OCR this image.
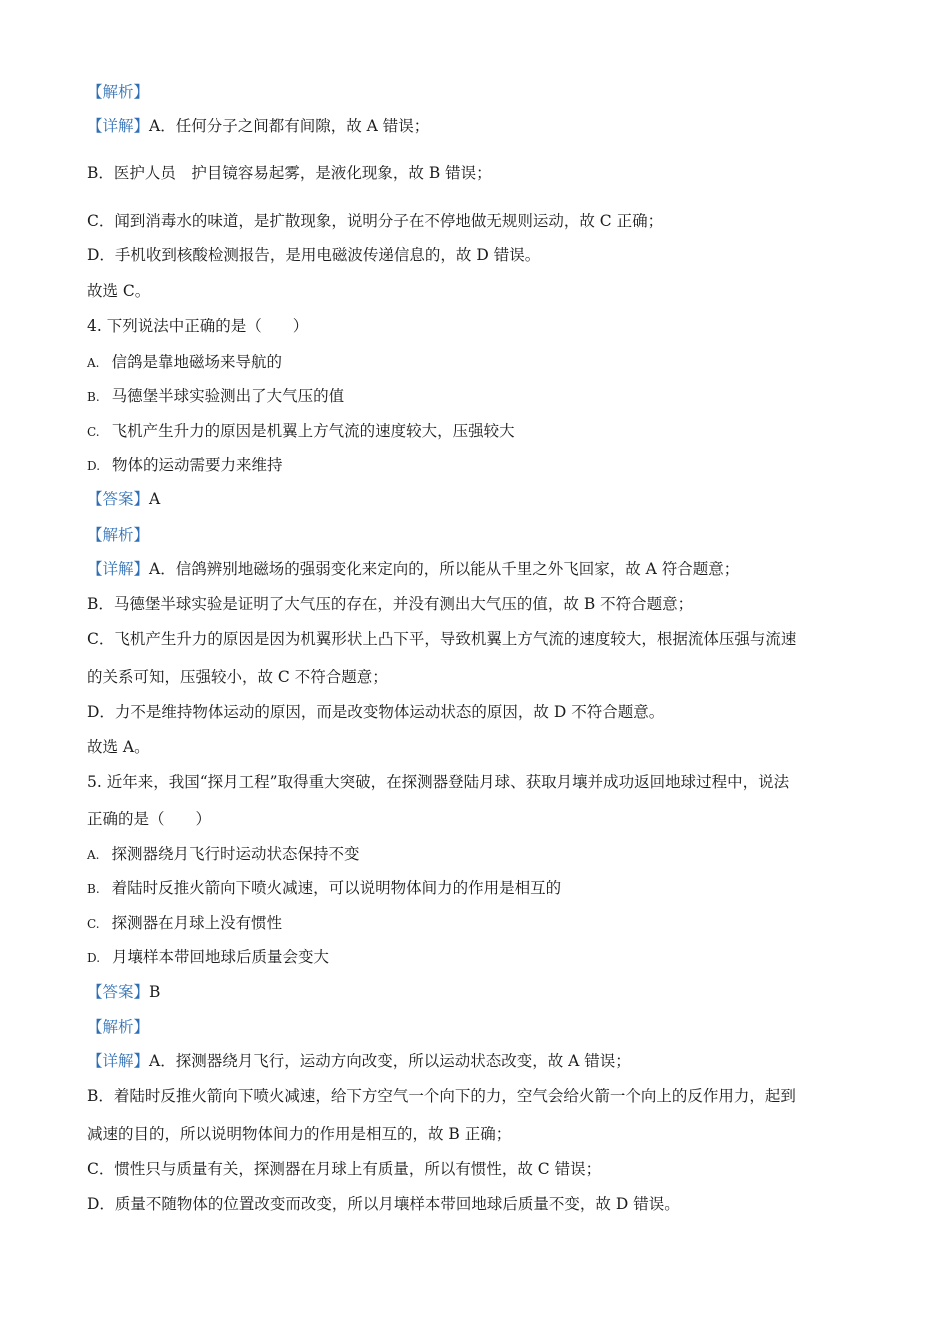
【解析】
【详解】A．任何分子之间都有间隙，故 A 错误；
B．医护人员　护目镜容易起雾，是液化现象，故 B 错误；
C．闻到消毒水的味道，是扩散现象，说明分子在不停地做无规则运动，故 C 正确；
D．手机收到核酸检测报告，是用电磁波传递信息的，故 D 错误。
故选 C。
4. 下列说法中正确的是（　　）
A. 信鸽是靠地磁场来导航的
B. 马德堡半球实验测出了大气压的值
C. 飞机产生升力的原因是机翼上方气流的速度较大，压强较大
D. 物体的运动需要力来维持
【答案】A
【解析】
【详解】A．信鸽辨别地磁场的强弱变化来定向的，所以能从千里之外飞回家，故 A 符合题意；
B．马德堡半球实验是证明了大气压的存在，并没有测出大气压的值，故 B 不符合题意；
C．飞机产生升力的原因是因为机翼形状上凸下平，导致机翼上方气流的速度较大，根据流体压强与流速
的关系可知，压强较小，故 C 不符合题意；
D．力不是维持物体运动的原因，而是改变物体运动状态的原因，故 D 不符合题意。
故选 A。
5. 近年来，我国“探月工程”取得重大突破，在探测器登陆月球、获取月壤并成功返回地球过程中，说法
正确的是（　　）
A. 探测器绕月飞行时运动状态保持不变
B. 着陆时反推火箭向下喷火减速，可以说明物体间力的作用是相互的
C. 探测器在月球上没有惯性
D. 月壤样本带回地球后质量会变大
【答案】B
【解析】
【详解】A．探测器绕月飞行，运动方向改变，所以运动状态改变，故 A 错误；
B．着陆时反推火箭向下喷火减速，给下方空气一个向下的力，空气会给火箭一个向上的反作用力，起到
减速的目的，所以说明物体间力的作用是相互的，故 B 正确；
C．惯性只与质量有关，探测器在月球上有质量，所以有惯性，故 C 错误；
D．质量不随物体的位置改变而改变，所以月壤样本带回地球后质量不变，故 D 错误。
